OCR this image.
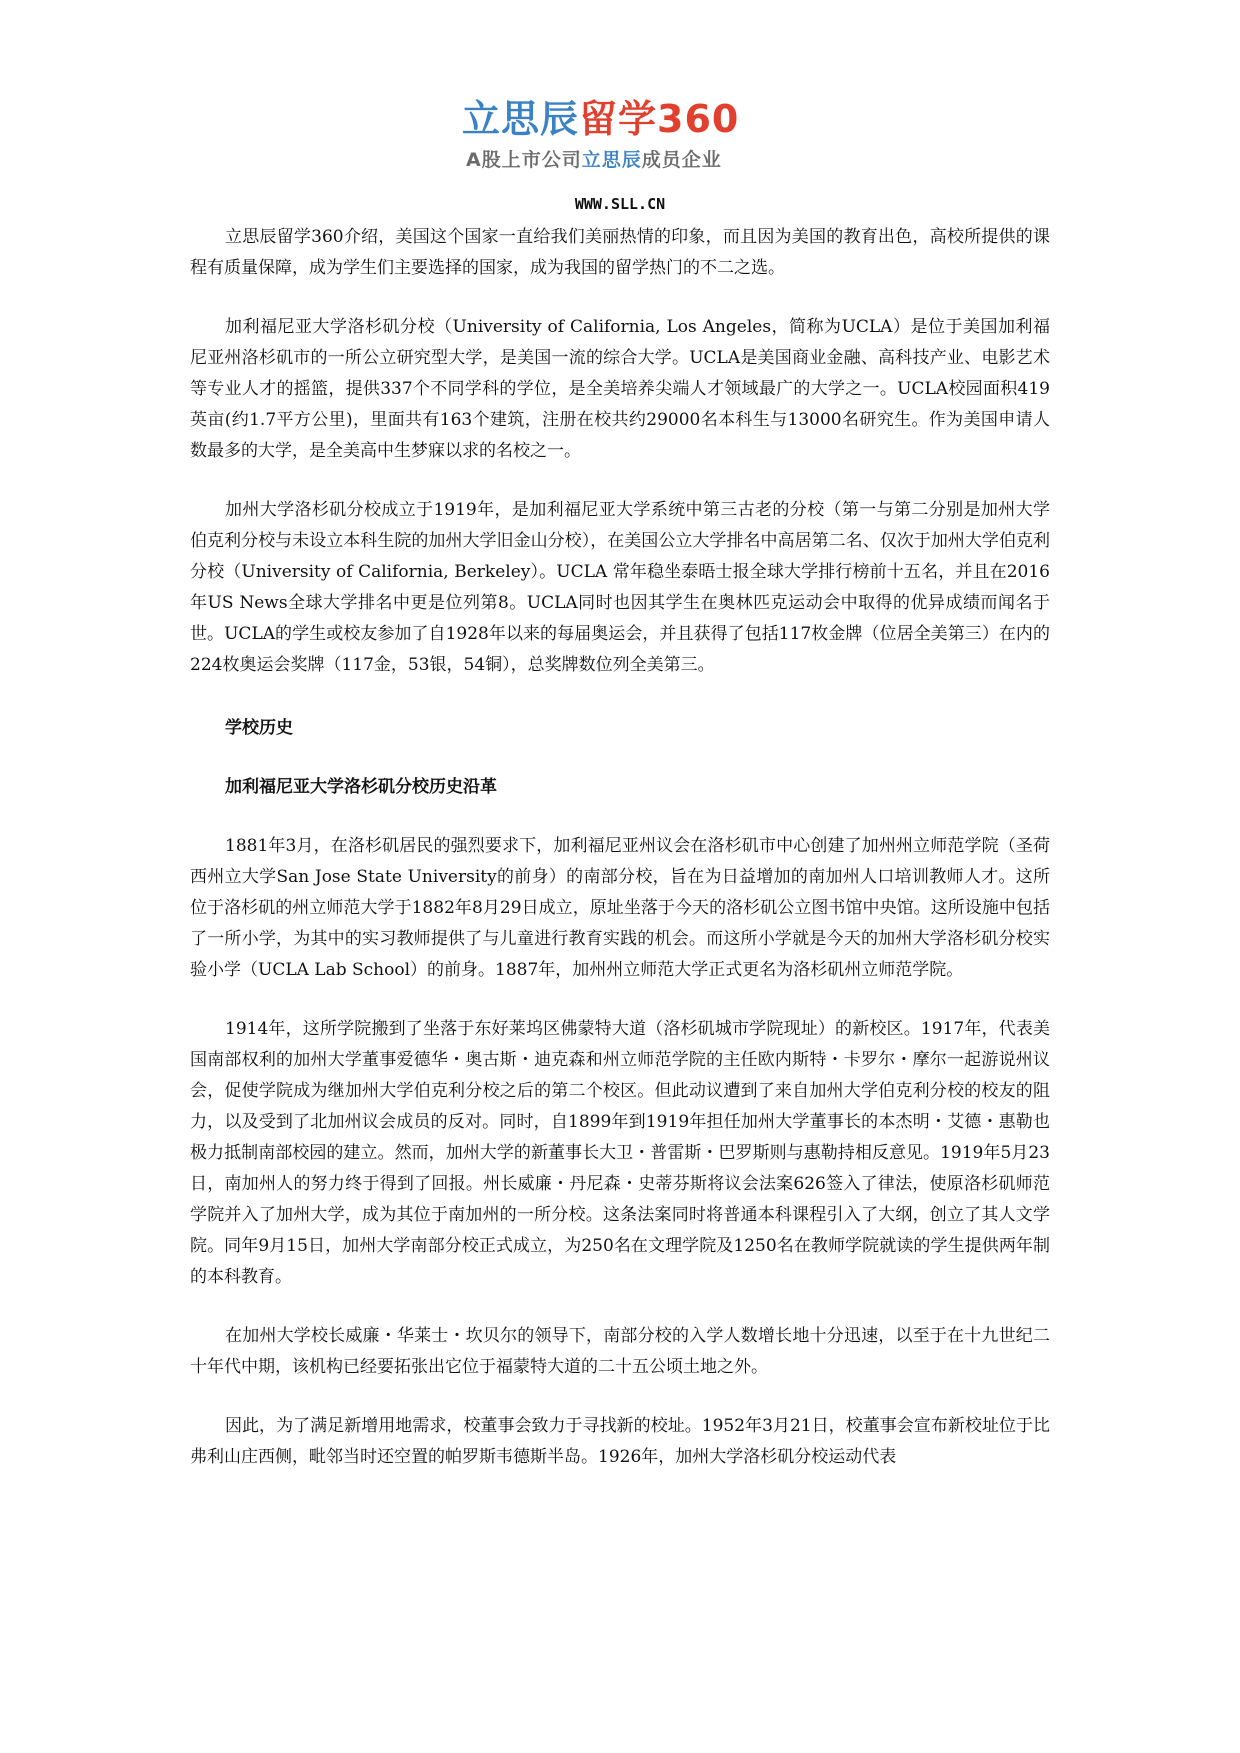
立思辰留学360
A股上市公司立思辰成员企业
WWW.SLL.CN

立思辰留学360介绍，美国这个国家一直给我们美丽热情的印象，而且因为美国的教育出色，高校所提供的课程有质量保障，成为学生们主要选择的国家，成为我国的留学热门的不二之选。

加利福尼亚大学洛杉矶分校（University of California, Los Angeles，简称为UCLA）是位于美国加利福尼亚州洛杉矶市的一所公立研究型大学，是美国一流的综合大学。UCLA是美国商业金融、高科技产业、电影艺术等专业人才的摇篮，提供337个不同学科的学位，是全美培养尖端人才领域最广的大学之一。UCLA校园面积419英亩(约1.7平方公里)，里面共有163个建筑，注册在校共约29000名本科生与13000名研究生。作为美国申请人数最多的大学，是全美高中生梦寐以求的名校之一。

加州大学洛杉矶分校成立于1919年，是加利福尼亚大学系统中第三古老的分校（第一与第二分别是加州大学伯克利分校与未设立本科生院的加州大学旧金山分校），在美国公立大学排名中高居第二名、仅次于加州大学伯克利分校（University of California, Berkeley）。UCLA 常年稳坐泰晤士报全球大学排行榜前十五名，并且在2016年US News全球大学排名中更是位列第8。UCLA同时也因其学生在奥林匹克运动会中取得的优异成绩而闻名于世。UCLA的学生或校友参加了自1928年以来的每届奥运会，并且获得了包括117枚金牌（位居全美第三）在内的224枚奥运会奖牌（117金，53银，54铜），总奖牌数位列全美第三。

学校历史

加利福尼亚大学洛杉矶分校历史沿革

1881年3月，在洛杉矶居民的强烈要求下，加利福尼亚州议会在洛杉矶市中心创建了加州州立师范学院（圣荷西州立大学San Jose State University的前身）的南部分校，旨在为日益增加的南加州人口培训教师人才。这所位于洛杉矶的州立师范大学于1882年8月29日成立，原址坐落于今天的洛杉矶公立图书馆中央馆。这所设施中包括了一所小学，为其中的实习教师提供了与儿童进行教育实践的机会。而这所小学就是今天的加州大学洛杉矶分校实验小学（UCLA Lab School）的前身。1887年，加州州立师范大学正式更名为洛杉矶州立师范学院。

1914年，这所学院搬到了坐落于东好莱坞区佛蒙特大道（洛杉矶城市学院现址）的新校区。1917年，代表美国南部权利的加州大学董事爱德华・奥古斯・迪克森和州立师范学院的主任欧内斯特・卡罗尔・摩尔一起游说州议会，促使学院成为继加州大学伯克利分校之后的第二个校区。但此动议遭到了来自加州大学伯克利分校的校友的阻力，以及受到了北加州议会成员的反对。同时，自1899年到1919年担任加州大学董事长的本杰明・艾德・惠勒也极力抵制南部校园的建立。然而，加州大学的新董事长大卫・普雷斯・巴罗斯则与惠勒持相反意见。1919年5月23日，南加州人的努力终于得到了回报。州长威廉・丹尼森・史蒂芬斯将议会法案626签入了律法，使原洛杉矶师范学院并入了加州大学，成为其位于南加州的一所分校。这条法案同时将普通本科课程引入了大纲，创立了其人文学院。同年9月15日，加州大学南部分校正式成立，为250名在文理学院及1250名在教师学院就读的学生提供两年制的本科教育。

在加州大学校长威廉・华莱士・坎贝尔的领导下，南部分校的入学人数增长地十分迅速，以至于在十九世纪二十年代中期，该机构已经要拓张出它位于福蒙特大道的二十五公顷土地之外。

因此，为了满足新增用地需求，校董事会致力于寻找新的校址。1952年3月21日，校董事会宣布新校址位于比弗利山庄西侧，毗邻当时还空置的帕罗斯韦德斯半岛。1926年，加州大学洛杉矶分校运动代表
